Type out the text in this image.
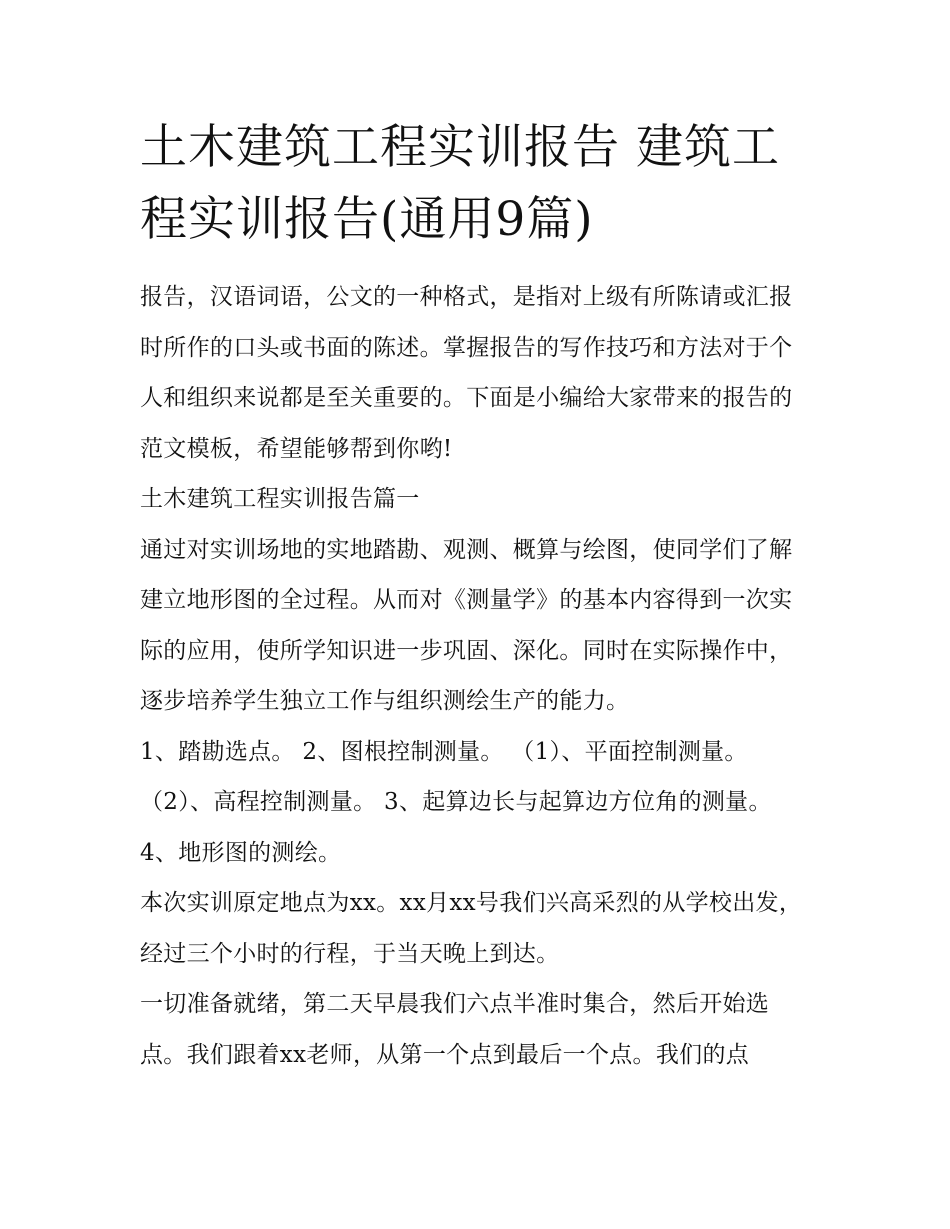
土木建筑工程实训报告 建筑工程实训报告(通用9篇)

报告，汉语词语，公文的一种格式，是指对上级有所陈请或汇报时所作的口头或书面的陈述。掌握报告的写作技巧和方法对于个人和组织来说都是至关重要的。下面是小编给大家带来的报告的范文模板，希望能够帮到你哟!

土木建筑工程实训报告篇一

通过对实训场地的实地踏勘、观测、概算与绘图，使同学们了解建立地形图的全过程。从而对《测量学》的基本内容得到一次实际的应用，使所学知识进一步巩固、深化。同时在实际操作中，逐步培养学生独立工作与组织测绘生产的能力。

1、踏勘选点。 2、图根控制测量。 （1）、平面控制测量。 （2）、高程控制测量。 3、起算边长与起算边方位角的测量。 4、地形图的测绘。

本次实训原定地点为xx。xx月xx号我们兴高采烈的从学校出发，经过三个小时的行程，于当天晚上到达。

一切准备就绪，第二天早晨我们六点半准时集合，然后开始选点。我们跟着xx老师，从第一个点到最后一个点。我们的点
